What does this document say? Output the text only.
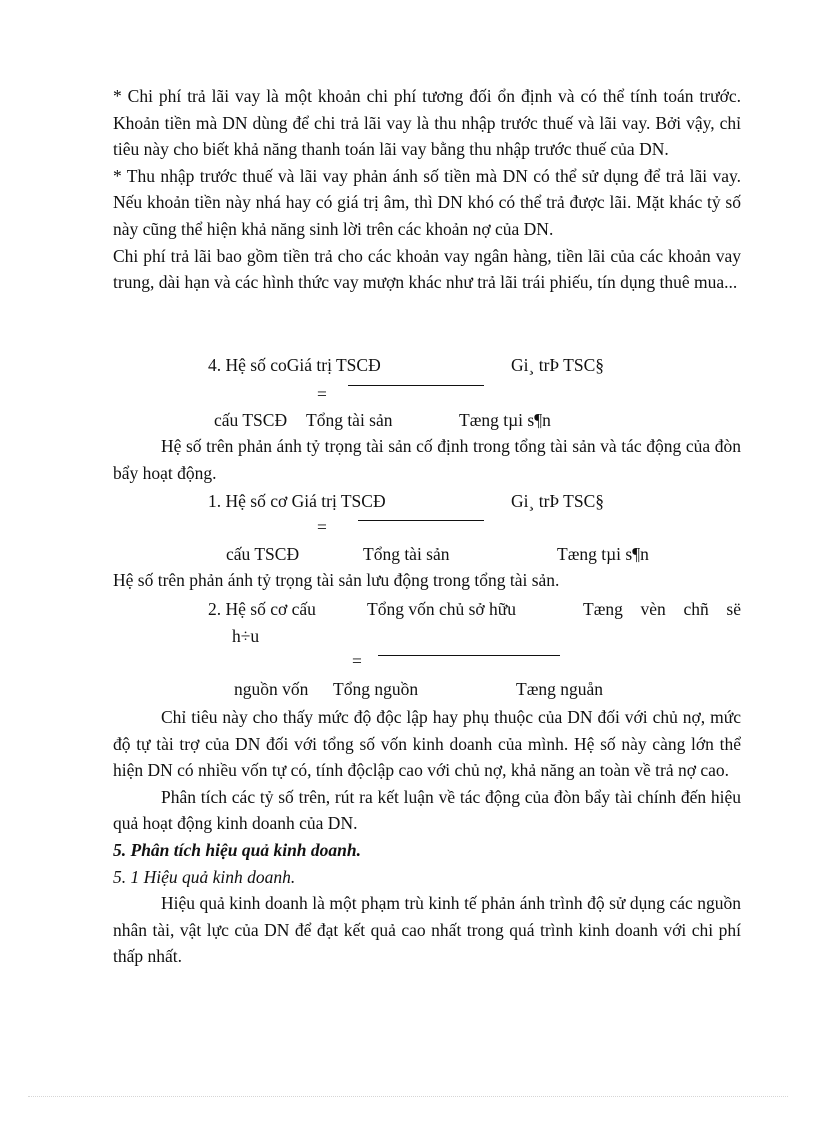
* Chi phí trả lãi vay là một khoản chi phí tương đối ổn định và có thể tính toán trước. Khoản tiền mà DN dùng để chi trả lãi vay là thu nhập trước thuế và lãi vay. Bởi vậy, chỉ tiêu này cho biết khả năng thanh toán lãi vay bằng thu nhập trước thuế của DN.

* Thu nhập trước thuế và lãi vay phản ánh số tiền mà DN có thể sử dụng để trả lãi vay. Nếu khoản tiền này nhá hay có giá trị âm, thì DN khó có thể trả được lãi. Mặt khác tỷ số này cũng thể hiện khả năng sinh lời trên các khoản nợ của DN.

Chi phí trả lãi bao gồm tiền trả cho các khoản vay ngân hàng, tiền lãi của các khoản vay trung, dài hạn và các hình thức vay mượn khác như trả lãi trái phiếu, tín dụng thuê mua...

4. Hệ số coGiá trị TSCĐ	Gi¸ trÞ TSC§
=
cấu TSCĐ Tổng tài sản	Tæng tµi s¶n

Hệ số trên phản ánh tỷ trọng tài sản cố định trong tổng tài sản và tác động của đòn bẩy hoạt động.

1. Hệ số cơ Giá trị TSCĐ	Gi¸ trÞ TSC§
=
cấu TSCĐ	Tổng tài sản	Tæng tµi s¶n

Hệ số trên phản ánh tỷ trọng tài sản lưu động trong tổng tài sản.

2. Hệ số cơ cấu	Tổng vốn chủ sở hữu	Tæng vèn chñ së
h÷u
=
nguồn vốn Tổng nguồn	Tæng nguån

Chỉ tiêu này cho thấy mức độ độc lập hay phụ thuộc của DN đối với chủ nợ, mức độ tự tài trợ của DN đối với tổng số vốn kinh doanh của mình. Hệ số này càng lớn thể hiện DN có nhiều vốn tự có, tính độclập cao với chủ nợ, khả năng an toàn về trả nợ cao.

Phân tích các tỷ số trên, rút ra kết luận về tác động của đòn bẩy tài chính đến hiệu quả hoạt động kinh doanh của DN.

5. Phân tích hiệu quả kinh doanh.

5. 1 Hiệu quả kinh doanh.

Hiệu quả kinh doanh là một phạm trù kinh tế phản ánh trình độ sử dụng các nguồn nhân tài, vật lực của DN để đạt kết quả cao nhất trong quá trình kinh doanh với chi phí thấp nhất.
